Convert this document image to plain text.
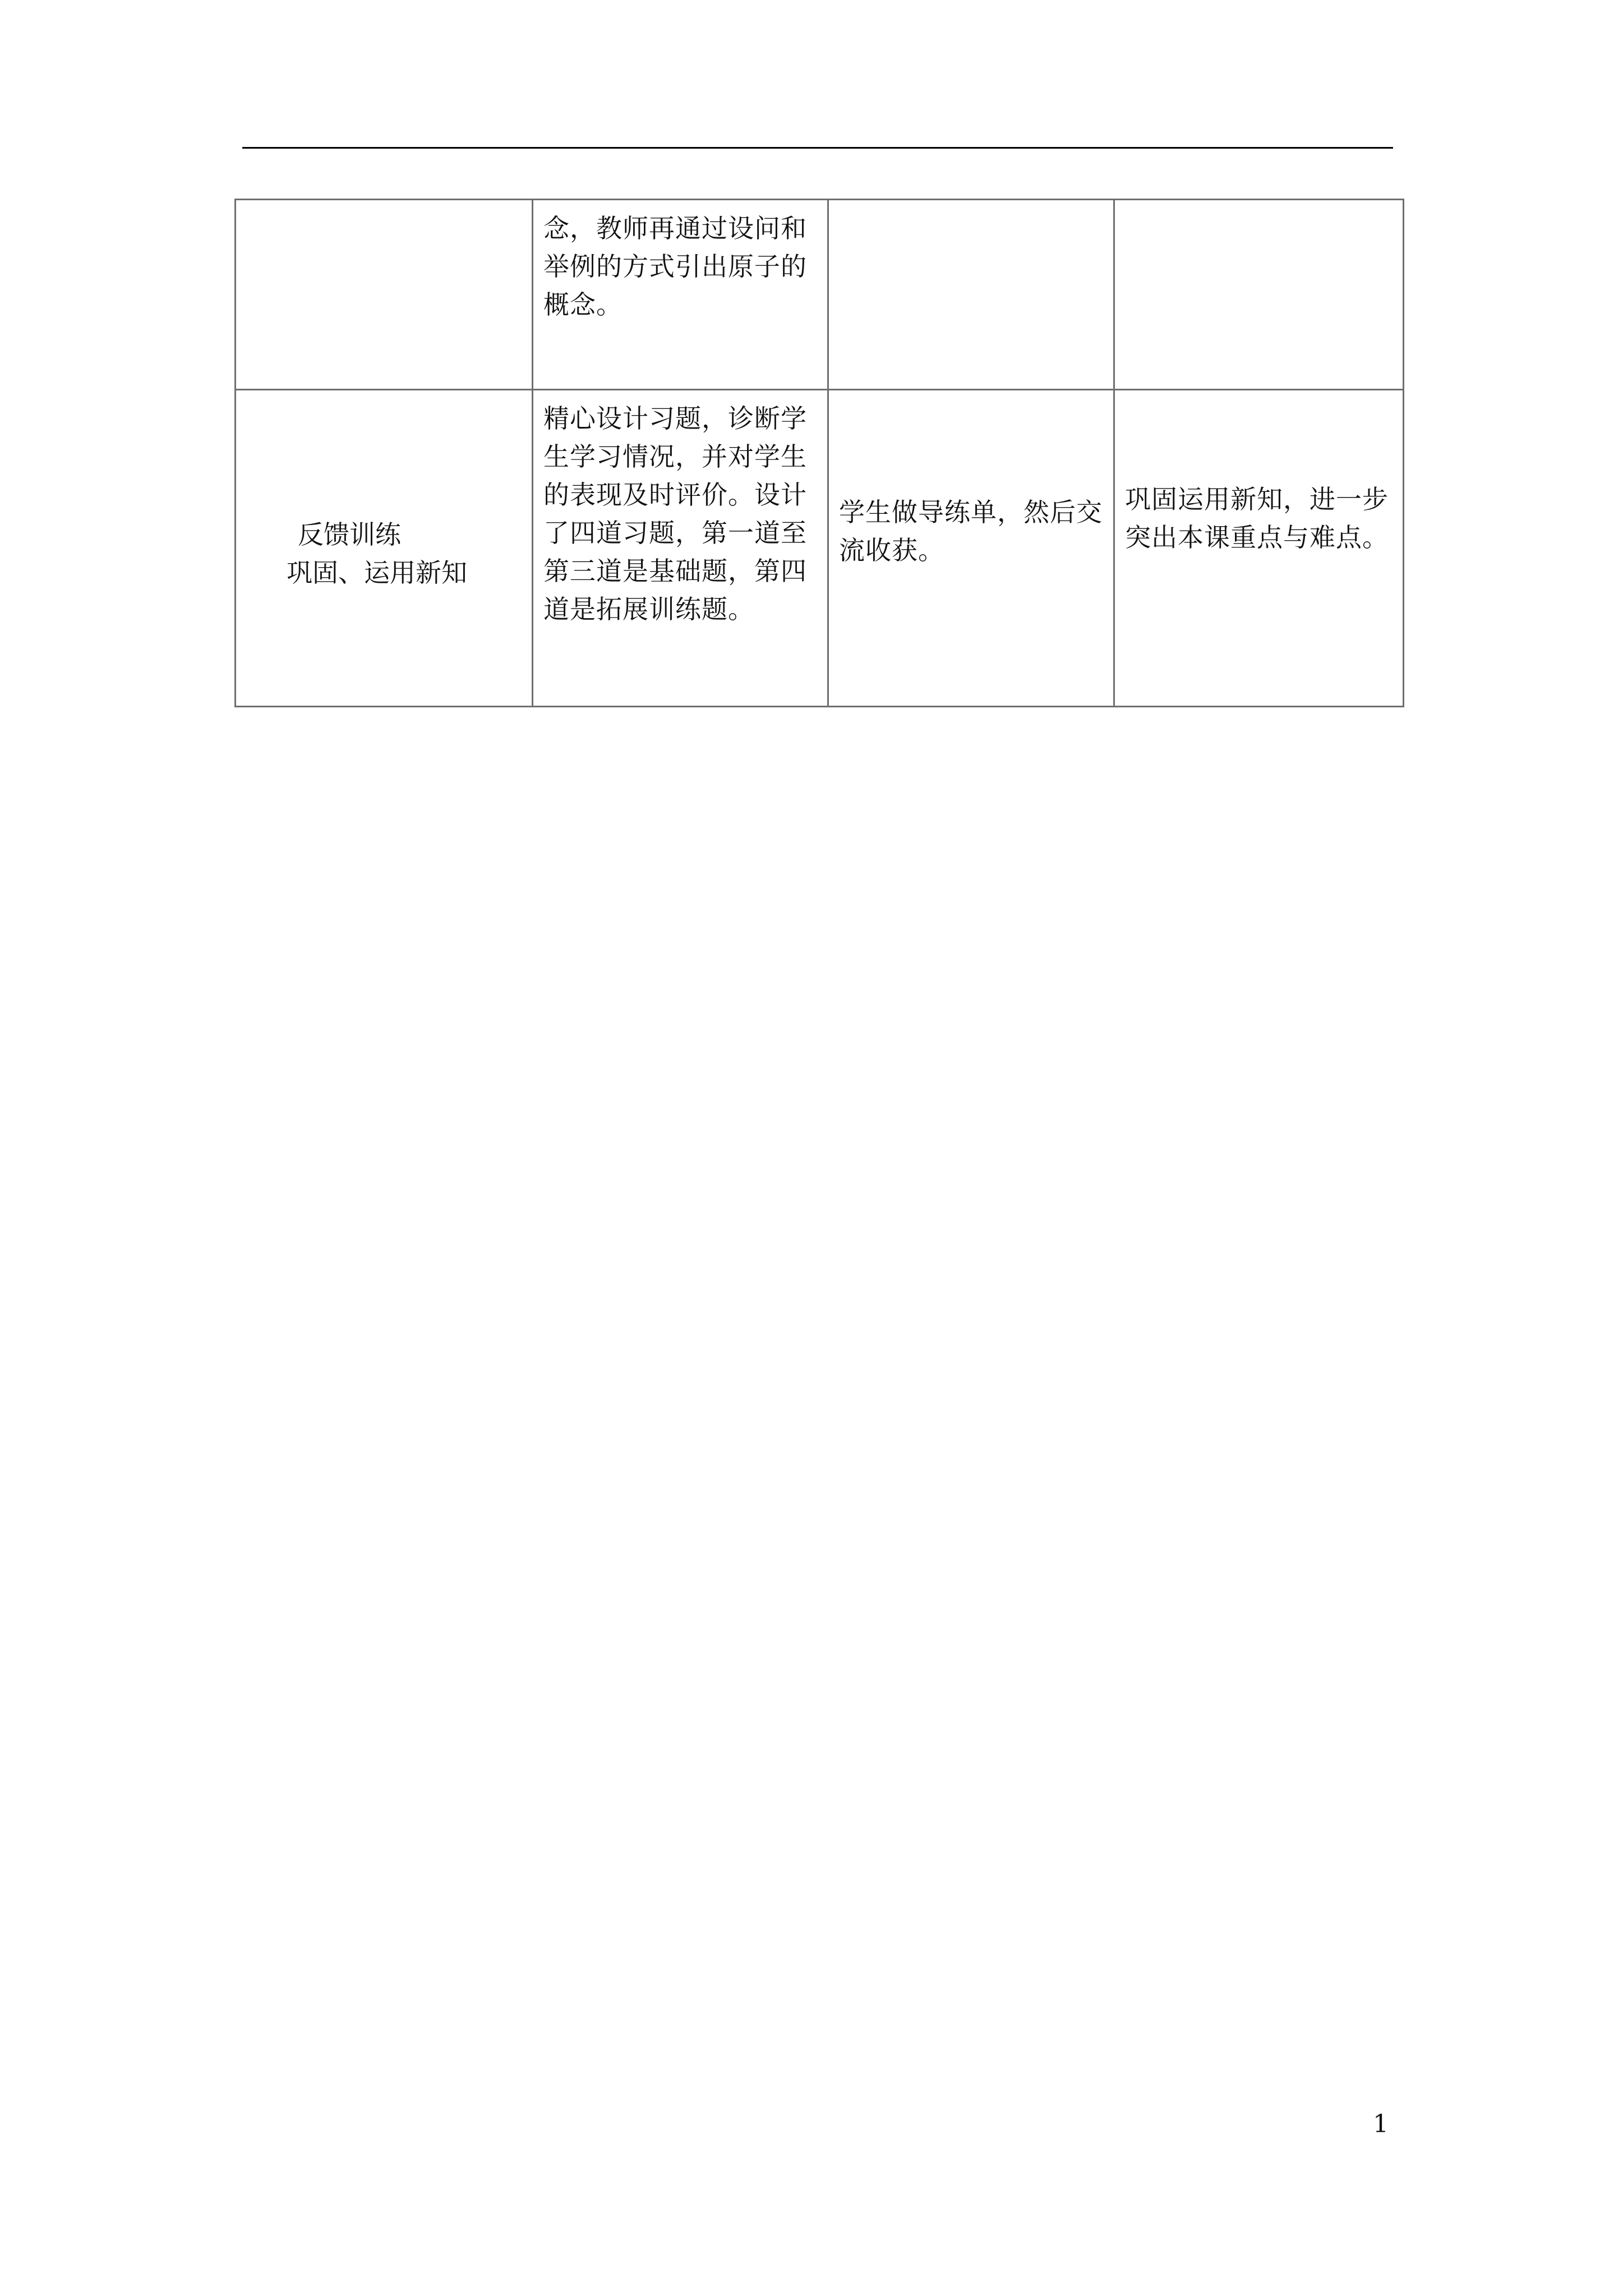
	念，教师再通过设问和举例的方式引出原子的概念。		

反馈训练
巩固、运用新知	精心设计习题，诊断学生学习情况，并对学生的表现及时评价。设计了四道习题，第一道至第三道是基础题，第四道是拓展训练题。	学生做导练单，然后交流收获。	巩固运用新知，进一步突出本课重点与难点。
1
